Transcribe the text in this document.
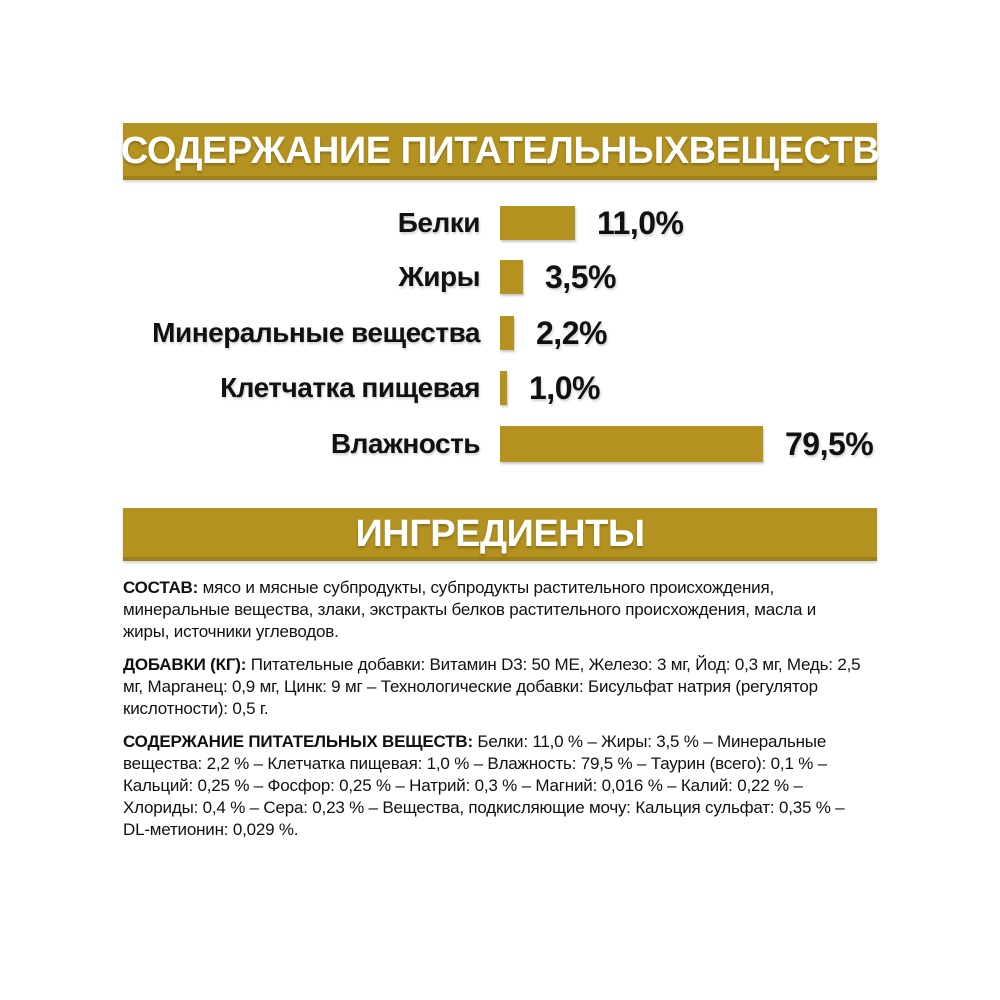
СОДЕРЖАНИЕ ПИТАТЕЛЬНЫХВЕЩЕСТВ
Белки	11,0%
Жиры 3,5%
Минеральные вещества 2,2%
Клетчатка пищевая 1,0%
Влажность	79,5%
ИНГРЕДИЕНТЫ

СОСТАВ: мясо и мясные субпродукты, субпродукты растительного происхождения, минеральные вещества, злаки, экстракты белков растительного происхождения, масла и жиры, источники углеводов.

ДОБАВКИ (КГ): Питательные добавки: Витамин D3: 50 МЕ, Железо: 3 мг, Йод: 0,3 мг, Медь: 2,5 мг, Марганец: 0,9 мг, Цинк: 9 мг – Технологические добавки: Бисульфат натрия (регулятор кислотности): 0,5 г.

СОДЕРЖАНИЕ ПИТАТЕЛЬНЫХ ВЕЩЕСТВ: Белки: 11,0 % – Жиры: 3,5 % – Минеральные вещества: 2,2 % – Клетчатка пищевая: 1,0 % – Влажность: 79,5 % – Таурин (всего): 0,1 % – Кальций: 0,25 % – Фосфор: 0,25 % – Натрий: 0,3 % – Магний: 0,016 % – Калий: 0,22 % – Хлориды: 0,4 % – Сера: 0,23 % – Вещества, подкисляющие мочу: Кальция сульфат: 0,35 % – DL-метионин: 0,029 %.
